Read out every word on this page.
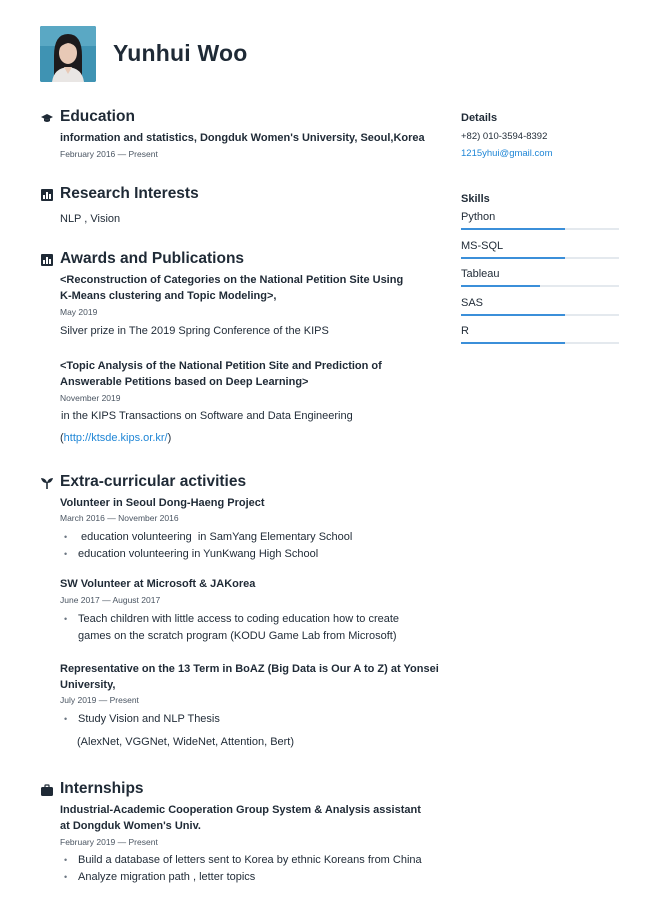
Yunhui Woo
Education
information and statistics, Dongduk Women's University, Seoul,Korea
February 2016 — Present
Research Interests
NLP , Vision
Awards and Publications
<Reconstruction of Categories on the National Petition Site Using
K-Means clustering and Topic Modeling>,
May 2019
Silver prize in The 2019 Spring Conference of the KIPS
<Topic Analysis of the National Petition Site and Prediction of
Answerable Petitions based on Deep Learning>
November 2019
in the KIPS Transactions on Software and Data Engineering
(http://ktsde.kips.or.kr/)
Extra-curricular activities
Volunteer in Seoul Dong-Haeng Project
March 2016 — November 2016
• education volunteering  in SamYang Elementary School
• education volunteering in YunKwang High School
SW Volunteer at Microsoft & JAKorea
June 2017 — August 2017
• Teach children with little access to coding education how to create
games on the scratch program (KODU Game Lab from Microsoft)
Representative on the 13 Term in BoAZ (Big Data is Our A to Z) at Yonsei
University,
July 2019 — Present
• Study Vision and NLP Thesis
(AlexNet, VGGNet, WideNet, Attention, Bert)
Internships
Industrial-Academic Cooperation Group System & Analysis assistant
at Dongduk Women's Univ.
February 2019 — Present
• Build a database of letters sent to Korea by ethnic Koreans from China
• Analyze migration path , letter topics
Details
+82) 010-3594-8392
1215yhui@gmail.com
Skills
Python
MS-SQL
Tableau
SAS
R
